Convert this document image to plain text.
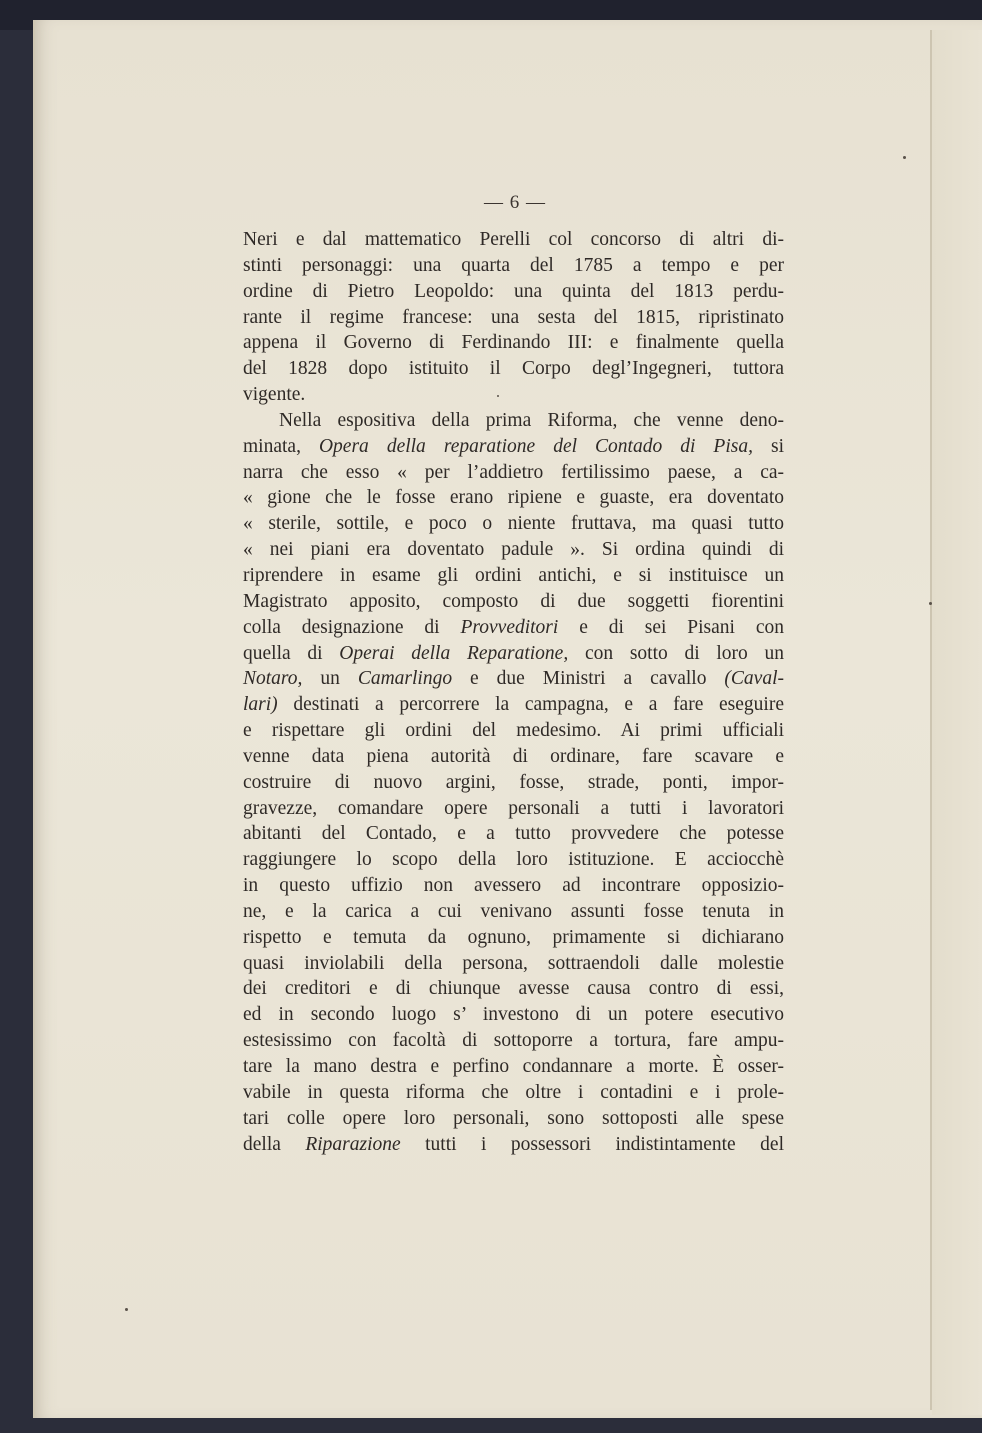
— 6 —
Neri e dal mattematico Perelli col concorso di altri di-
stinti personaggi: una quarta del 1785 a tempo e per
ordine di Pietro Leopoldo: una quinta del 1813 perdu-
rante il regime francese: una sesta del 1815, ripristinato
appena il Governo di Ferdinando III: e finalmente quella
del 1828 dopo istituito il Corpo degl’Ingegneri, tuttora
vigente.
Nella espositiva della prima Riforma, che venne deno-
minata, Opera della reparatione del Contado di Pisa, si
narra che esso « per l’addietro fertilissimo paese, a ca-
« gione che le fosse erano ripiene e guaste, era doventato
« sterile, sottile, e poco o niente fruttava, ma quasi tutto
« nei piani era doventato padule ». Si ordina quindi di
riprendere in esame gli ordini antichi, e si instituisce un
Magistrato apposito, composto di due soggetti fiorentini
colla designazione di Provveditori e di sei Pisani con
quella di Operai della Reparatione, con sotto di loro un
Notaro, un Camarlingo e due Ministri a cavallo (Caval-
lari) destinati a percorrere la campagna, e a fare eseguire
e rispettare gli ordini del medesimo. Ai primi ufficiali
venne data piena autorità di ordinare, fare scavare e
costruire di nuovo argini, fosse, strade, ponti, impor-
gravezze, comandare opere personali a tutti i lavoratori
abitanti del Contado, e a tutto provvedere che potesse
raggiungere lo scopo della loro istituzione. E acciocchè
in questo uffizio non avessero ad incontrare opposizio-
ne, e la carica a cui venivano assunti fosse tenuta in
rispetto e temuta da ognuno, primamente si dichiarano
quasi inviolabili della persona, sottraendoli dalle molestie
dei creditori e di chiunque avesse causa contro di essi,
ed in secondo luogo s’ investono di un potere esecutivo
estesissimo con facoltà di sottoporre a tortura, fare ampu-
tare la mano destra e perfino condannare a morte. È osser-
vabile in questa riforma che oltre i contadini e i prole-
tari colle opere loro personali, sono sottoposti alle spese
della Riparazione tutti i possessori indistintamente del
